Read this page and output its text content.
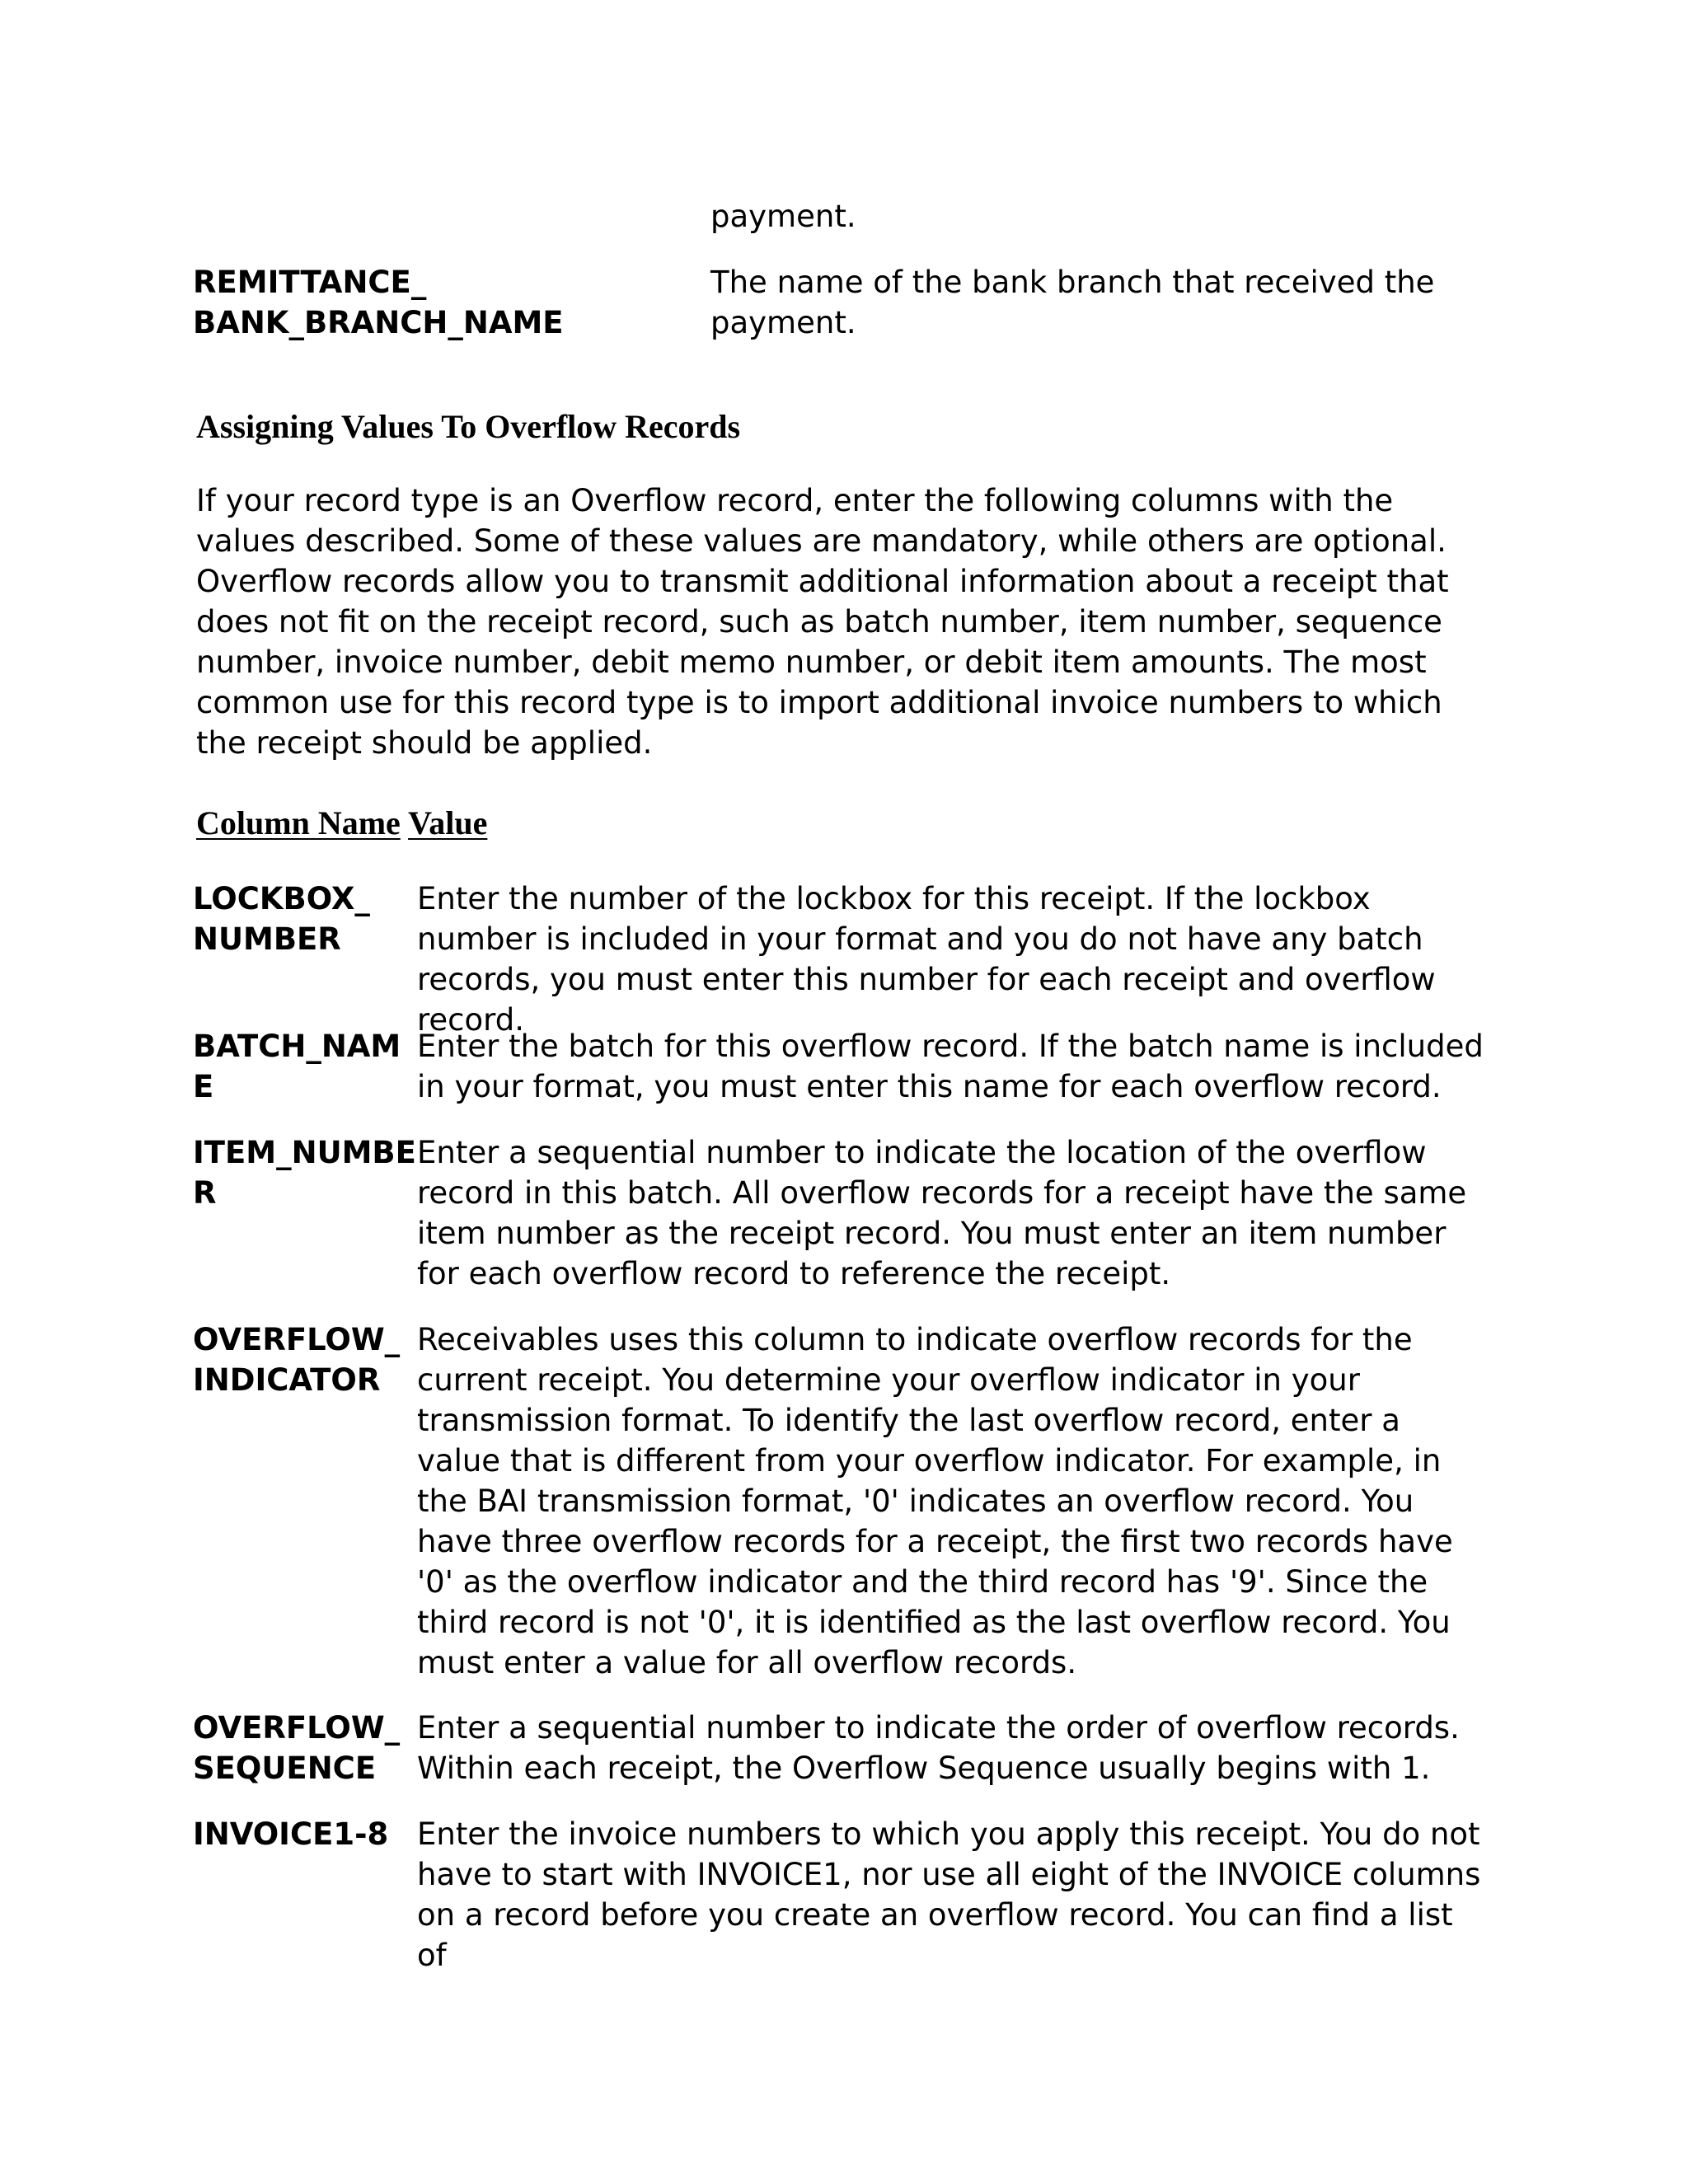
payment.
REMITTANCE_
BANK_BRANCH_NAME
The name of the bank branch that received the payment.
Assigning Values To Overflow Records
If your record type is an Overflow record, enter the following columns with the values described. Some of these values are mandatory, while others are optional. Overflow records allow you to transmit additional information about a receipt that does not fit on the receipt record, such as batch number, item number, sequence number, invoice number, debit memo number, or debit item amounts. The most common use for this record type is to import additional invoice numbers to which the receipt should be applied.
Column Name Value
LOCKBOX_
NUMBER
Enter the number of the lockbox for this receipt. If the lockbox number is included in your format and you do not have any batch records, you must enter this number for each receipt and overflow record.
BATCH_NAM
E
Enter the batch for this overflow record. If the batch name is included in your format, you must enter this name for each overflow record.
ITEM_NUMBE
R
Enter a sequential number to indicate the location of the overflow record in this batch. All overflow records for a receipt have the same item number as the receipt record. You must enter an item number for each overflow record to reference the receipt.
OVERFLOW_
INDICATOR
Receivables uses this column to indicate overflow records for the current receipt. You determine your overflow indicator in your transmission format. To identify the last overflow record, enter a value that is different from your overflow indicator. For example, in the BAI transmission format, '0' indicates an overflow record. You have three overflow records for a receipt, the first two records have '0' as the overflow indicator and the third record has '9'. Since the third record is not '0', it is identified as the last overflow record. You must enter a value for all overflow records.
OVERFLOW_
SEQUENCE
Enter a sequential number to indicate the order of overflow records. Within each receipt, the Overflow Sequence usually begins with 1.
INVOICE1-8 Enter the invoice numbers to which you apply this receipt. You do not have to start with INVOICE1, nor use all eight of the INVOICE columns on a record before you create an overflow record. You can find a list of
